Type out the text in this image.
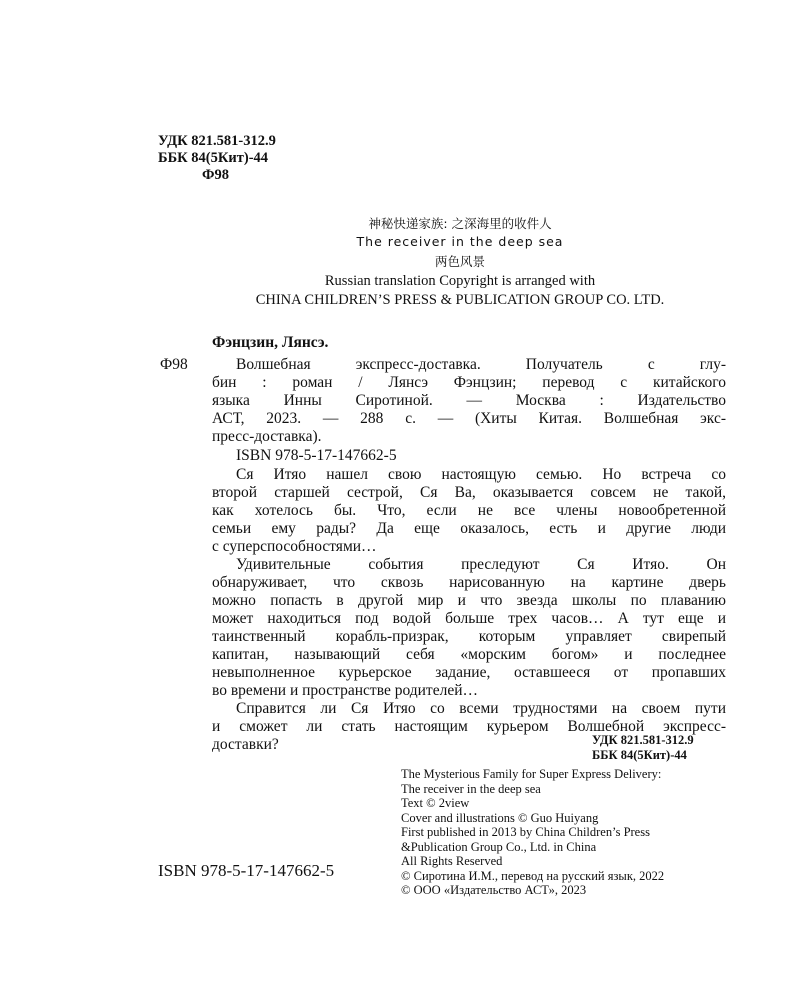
УДК 821.581-312.9
ББК 84(5Кит)-44
Ф98
神秘快递家族: 之深海里的收件人
The receiver in the deep sea
两色风景
Russian translation Copyright is arranged with
CHINA CHILDREN’S PRESS & PUBLICATION GROUP CO. LTD.
Фэнцзин, Лянсэ.
Ф98	Волшебная экспресс-доставка. Получатель с глу-
бин : роман / Лянсэ Фэнцзин; перевод с китайского
языка Инны Сиротиной. — Москва : Издательство
АСТ, 2023. — 288 с. — (Хиты Китая. Волшебная экс-
пресс-доставка).
ISBN 978-5-17-147662-5
Ся Итяо нашел свою настоящую семью. Но встреча со
второй старшей сестрой, Ся Ва, оказывается совсем не такой,
как хотелось бы. Что, если не все члены новообретенной
семьи ему рады? Да еще оказалось, есть и другие люди
с суперспособностями…
Удивительные события преследуют Ся Итяо. Он
обнаруживает, что сквозь нарисованную на картине дверь
можно попасть в другой мир и что звезда школы по плаванию
может находиться под водой больше трех часов… А тут еще и
таинственный корабль-призрак, которым управляет свирепый
капитан, называющий себя «морским богом» и последнее
невыполненное курьерское задание, оставшееся от пропавших
во времени и пространстве родителей…
Справится ли Ся Итяо со всеми трудностями на своем пути
и сможет ли стать настоящим курьером Волшебной экспресс-
доставки?	УДК 821.581-312.9
ББК 84(5Кит)-44
The Mysterious Family for Super Express Delivery:
The receiver in the deep sea
Text © 2view
Cover and illustrations © Guo Huiyang
First published in 2013 by China Children’s Press
&Publication Group Co., Ltd. in China
All Rights Reserved
© Сиротина И.М., перевод на русский язык, 2022
© ООО «Издательство АСТ», 2023
ISBN 978-5-17-147662-5
